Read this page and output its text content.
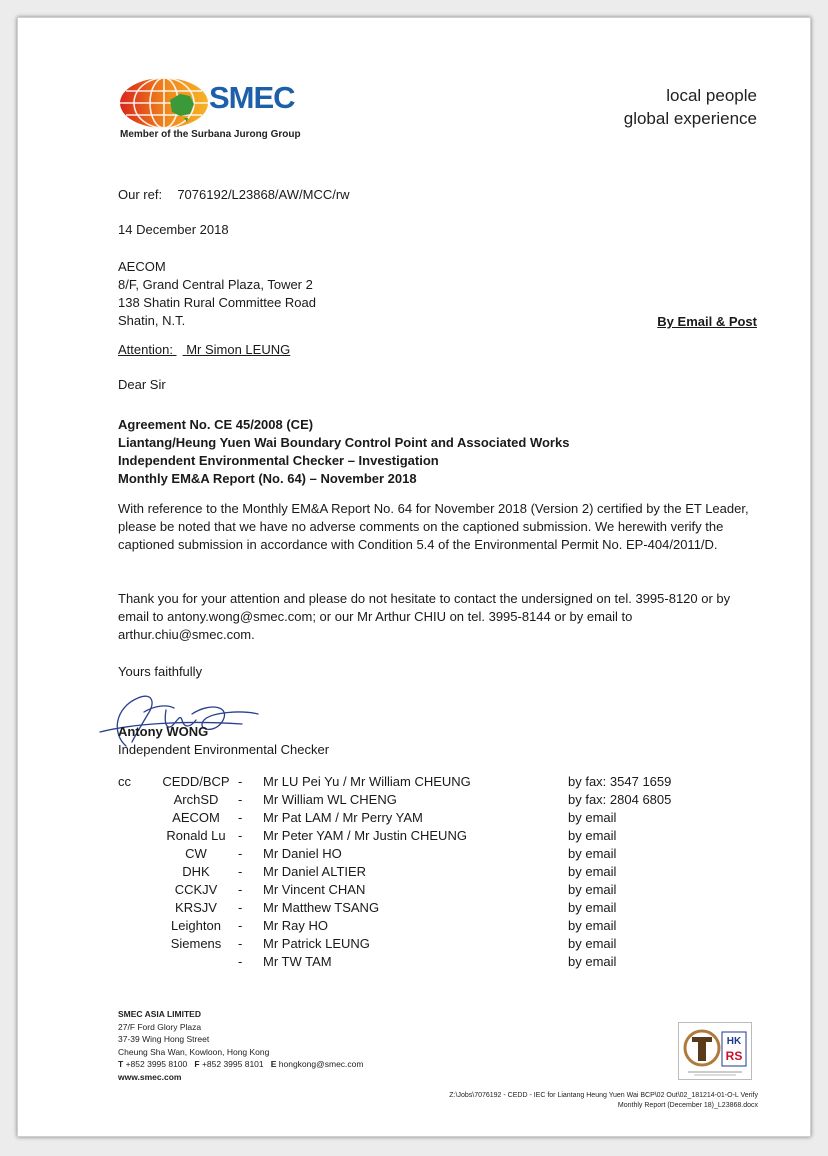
SMEC
Member of the Surbana Jurong Group
local people
global experience
Our ref: 7076192/L23868/AW/MCC/rw
14 December 2018
AECOM
8/F, Grand Central Plaza, Tower 2
138 Shatin Rural Committee Road
Shatin, N.T.	By Email & Post
Attention: Mr Simon LEUNG
Dear Sir
Agreement No. CE 45/2008 (CE)
Liantang/Heung Yuen Wai Boundary Control Point and Associated Works
Independent Environmental Checker – Investigation
Monthly EM&A Report (No. 64) – November 2018
With reference to the Monthly EM&A Report No. 64 for November 2018 (Version 2) certified by the ET Leader, please be noted that we have no adverse comments on the captioned submission. We herewith verify the captioned submission in accordance with Condition 5.4 of the Environmental Permit No. EP-404/2011/D.
Thank you for your attention and please do not hesitate to contact the undersigned on tel. 3995-8120 or by email to antony.wong@smec.com; or our Mr Arthur CHIU on tel. 3995-8144 or by email to arthur.chiu@smec.com.
Yours faithfully
Antony WONG
Independent Environmental Checker
cc	CEDD/BCP - Mr LU Pei Yu / Mr William CHEUNG	by fax: 3547 1659
ArchSD	- Mr William WL CHENG	by fax: 2804 6805
AECOM	- Mr Pat LAM / Mr Perry YAM	by email
Ronald Lu - Mr Peter YAM / Mr Justin CHEUNG	by email
CW	- Mr Daniel HO	by email
DHK	- Mr Daniel ALTIER	by email
CCKJV	- Mr Vincent CHAN	by email
KRSJV	- Mr Matthew TSANG	by email
Leighton	- Mr Ray HO	by email
Siemens	- Mr Patrick LEUNG	by email
- Mr TW TAM	by email
SMEC ASIA LIMITED
27/F Ford Glory Plaza
37-39 Wing Hong Street
Cheung Sha Wan, Kowloon, Hong Kong
T +852 3995 8100 F +852 3995 8101 E hongkong@smec.com
www.smec.com
HK
RS
Z:\Jobs\7076192 - CEDD - IEC for Liantang Heung Yuen Wai BCP\02 Out\02_181214-01-O-L Verify
Monthly Report (December 18)_L23868.docx
